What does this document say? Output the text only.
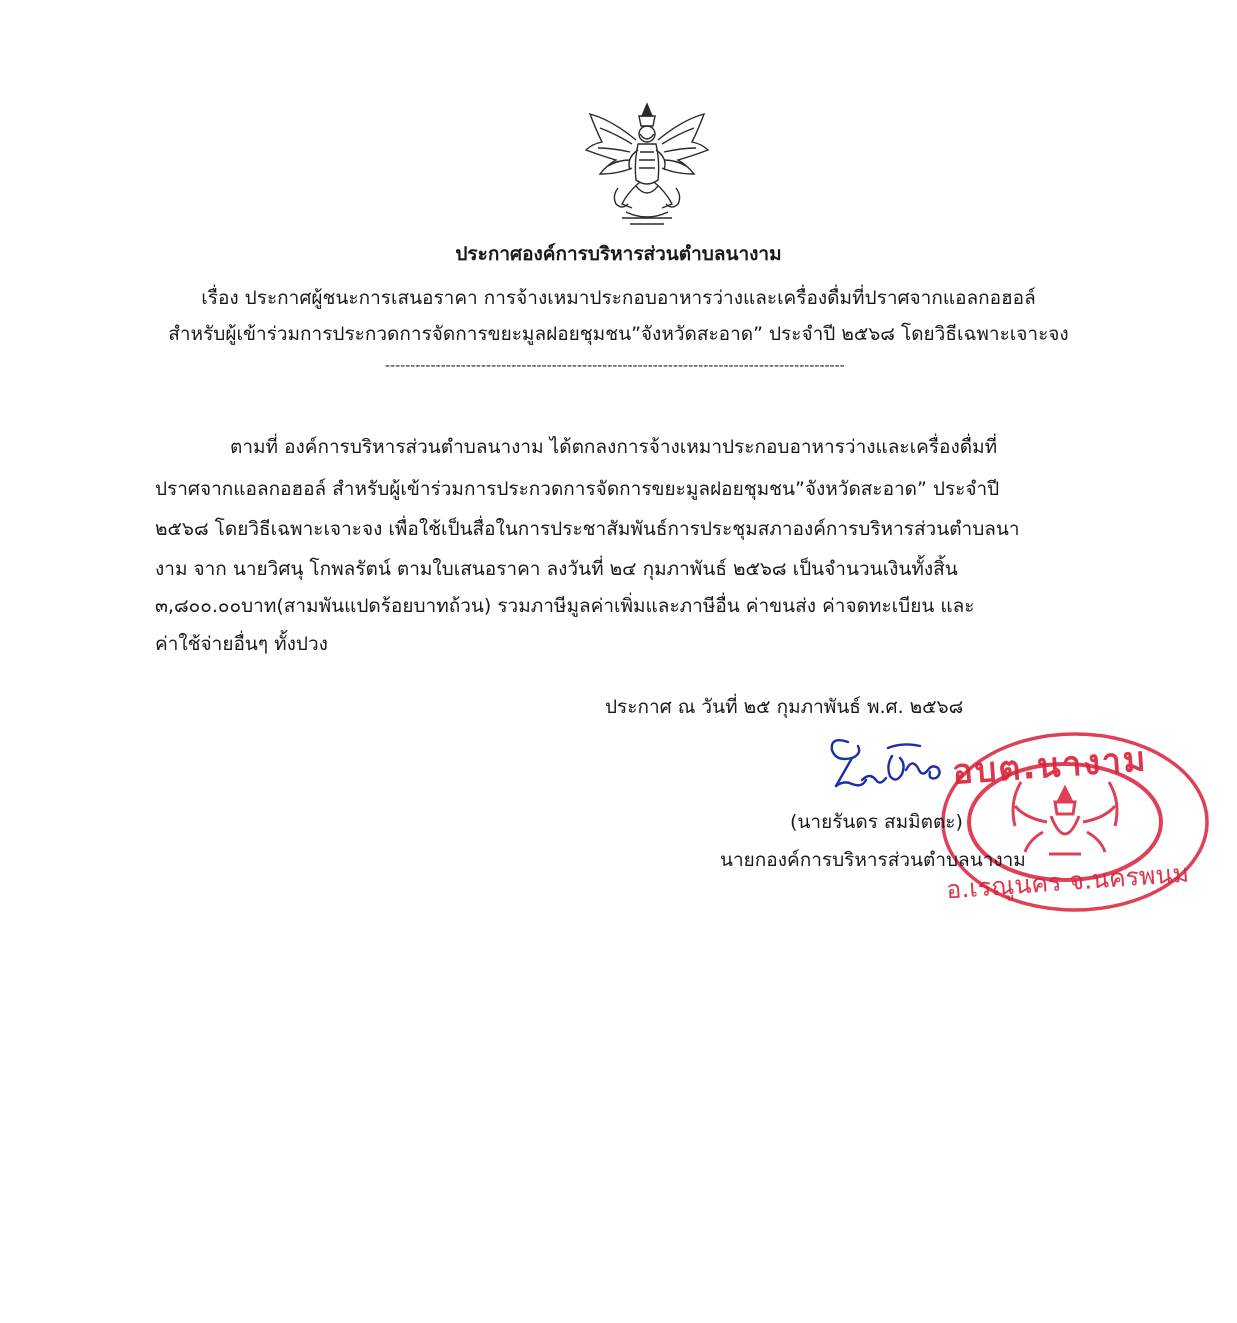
ประกาศองค์การบริหารส่วนตำบลนางาม
เรื่อง ประกาศผู้ชนะการเสนอราคา การจ้างเหมาประกอบอาหารว่างและเครื่องดื่มที่ปราศจากแอลกอฮอล์
สำหรับผู้เข้าร่วมการประกวดการจัดการขยะมูลฝอยชุมชน”จังหวัดสะอาด” ประจำปี ๒๕๖๘ โดยวิธีเฉพาะเจาะจง
-------------------------------------------------------------------------------------------
ตามที่ องค์การบริหารส่วนตำบลนางาม ได้ตกลงการจ้างเหมาประกอบอาหารว่างและเครื่องดื่มที่
ปราศจากแอลกอฮอล์ สำหรับผู้เข้าร่วมการประกวดการจัดการขยะมูลฝอยชุมชน”จังหวัดสะอาด” ประจำปี
๒๕๖๘ โดยวิธีเฉพาะเจาะจง เพื่อใช้เป็นสื่อในการประชาสัมพันธ์การประชุมสภาองค์การบริหารส่วนตำบลนา
งาม จาก นายวิศนุ โกพลรัตน์ ตามใบเสนอราคา ลงวันที่ ๒๔ กุมภาพันธ์ ๒๕๖๘ เป็นจำนวนเงินทั้งสิ้น
๓,๘๐๐.๐๐บาท(สามพันแปดร้อยบาทถ้วน) รวมภาษีมูลค่าเพิ่มและภาษีอื่น ค่าขนส่ง ค่าจดทะเบียน และ
ค่าใช้จ่ายอื่นๆ ทั้งปวง
ประกาศ ณ วันที่ ๒๕ กุมภาพันธ์ พ.ศ. ๒๕๖๘
อบต.นางาม
อ.เรณูนคร จ.นครพนม
(นายรันดร สมมิตตะ)
นายกองค์การบริหารส่วนตำบลนางาม
